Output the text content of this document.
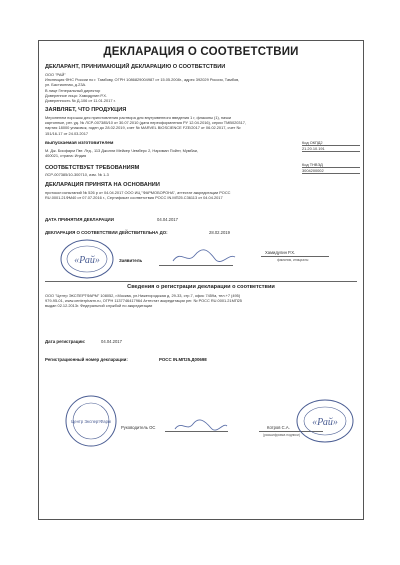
ДЕКЛАРАЦИЯ О СООТВЕТСТВИИ
ДЕКЛАРАНТ, ПРИНИМАЮЩИЙ ДЕКЛАРАЦИЮ О СООТВЕТСТВИИ
ООО "РАЙ"
Инспекция ФНС России по г. Тамбову, ОГРН 1086829004987 от 15.05.2008г., адрес 392029 Россия, Тамбов,
ул. Бастионная, д.23А.
В лице Генеральный директор
Доверенное лицо: Хамидулин Р.Х.
Доверенность № Д-106 от 11.01.2017 г.
ЗАЯВЛЯЕТ, ЧТО ПРОДУКЦИЯ
Меропенем порошок для приготовления раствора для внутривенного введения 1 г, флаконы (1), пачки
картонные, рег. уд. № ЛСР-007385/10 от 30.07.2010 (дата переоформления РУ 12.04.2016), серии TMB020317,
партия 18000 упаковок, годен до 28.02.2019, счет № MARVEL BIOSCIENCE FZE/2017 от 06.02.2017, счет №
151/16-17 от 24.03.2017
выпускаемая изготовителем
М. Дж. Биофарм Пвт. Лтд., 113 Джолли Мейкер Чемберс 2, Нариман Пойнт, Мумбаи,
400021, страна: Индия
Код ОКПД2
21.20.10.191
СООТВЕТСТВУЕТ ТРЕБОВАНИЯМ
ЛСР-007385/10-300710, изм. № 1-3
Код ТНВЭД
3004200002
ДЕКЛАРАЦИЯ ПРИНЯТА НА ОСНОВАНИИ
протокол испытаний № 526 р от 04.04.2017 ООО ИЦ "ФАРМОБОРОНА", аттестат аккредитации РОСС
RU.0001.21ФМ40 от 07.07.2016 г., Сертификат соответствия РОСС IN.МП25.С36113 от 04.04.2017
ДАТА ПРИНЯТИЯ ДЕКЛАРАЦИИ	04.04.2017
ДЕКЛАРАЦИЯ О СООТВЕТСТВИИ ДЕЙСТВИТЕЛЬНА ДО:	28.02.2019
Заявитель
Хамидулин Р.Х.
фамилия, инициалы
«Рай»
Сведения о регистрации декларации о соответствии
ООО "Центр ЭКСПЕРТФАРМ" 108052, г.Москва, ул.Нижегородская д. 29-33, стр.7, офис 7459а, тел.+7 (495)
979-95-01, www.centerpharm.ru, ОГРН 1137746417964 Аттестат аккредитации рег. № РОСС RU.0001.21МП25
выдан 02.12.2013г. Федеральной службой по аккредитации
Дата регистрации:	04.04.2017
Регистрационный номер декларации:	РОСС IN.МП25.Д00698
Руководитель ОС	Котров С.А.
(расшифровка подписи)
Центр ЭкспертФарм	«Рай»
